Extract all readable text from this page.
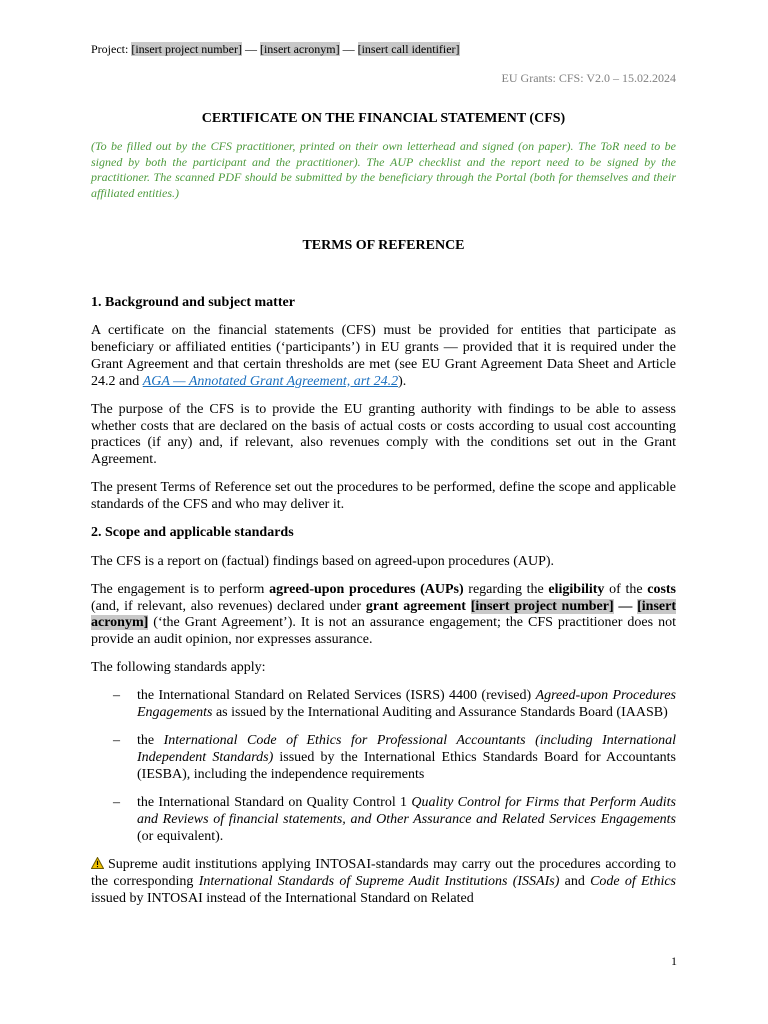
Project: [insert project number] — [insert acronym] — [insert call identifier]
EU Grants: CFS: V2.0 – 15.02.2024
CERTIFICATE ON THE FINANCIAL STATEMENT (CFS)
(To be filled out by the CFS practitioner, printed on their own letterhead and signed (on paper). The ToR need to be signed by both the participant and the practitioner). The AUP checklist and the report need to be signed by the practitioner. The scanned PDF should be submitted by the beneficiary through the Portal (both for themselves and their affiliated entities.)
TERMS OF REFERENCE
1. Background and subject matter

A certificate on the financial statements (CFS) must be provided for entities that participate as beneficiary or affiliated entities (‘participants’) in EU grants — provided that it is required under the Grant Agreement and that certain thresholds are met (see EU Grant Agreement Data Sheet and Article 24.2 and AGA — Annotated Grant Agreement, art 24.2).

The purpose of the CFS is to provide the EU granting authority with findings to be able to assess whether costs that are declared on the basis of actual costs or costs according to usual cost accounting practices (if any) and, if relevant, also revenues comply with the conditions set out in the Grant Agreement.

The present Terms of Reference set out the procedures to be performed, define the scope and applicable standards of the CFS and who may deliver it.

2. Scope and applicable standards

The CFS is a report on (factual) findings based on agreed-upon procedures (AUP).

The engagement is to perform agreed-upon procedures (AUPs) regarding the eligibility of the costs (and, if relevant, also revenues) declared under grant agreement [insert project number] — [insert acronym] (‘the Grant Agreement’). It is not an assurance engagement; the CFS practitioner does not provide an audit opinion, nor expresses assurance.

The following standards apply:

– the International Standard on Related Services (ISRS) 4400 (revised) Agreed-upon Procedures Engagements as issued by the International Auditing and Assurance Standards Board (IAASB)
– the International Code of Ethics for Professional Accountants (including International Independent Standards) issued by the International Ethics Standards Board for Accountants (IESBA), including the independence requirements
– the International Standard on Quality Control 1 Quality Control for Firms that Perform Audits and Reviews of financial statements, and Other Assurance and Related Services Engagements (or equivalent).

Supreme audit institutions applying INTOSAI-standards may carry out the procedures according to the corresponding International Standards of Supreme Audit Institutions (ISSAIs) and Code of Ethics issued by INTOSAI instead of the International Standard on Related

1
